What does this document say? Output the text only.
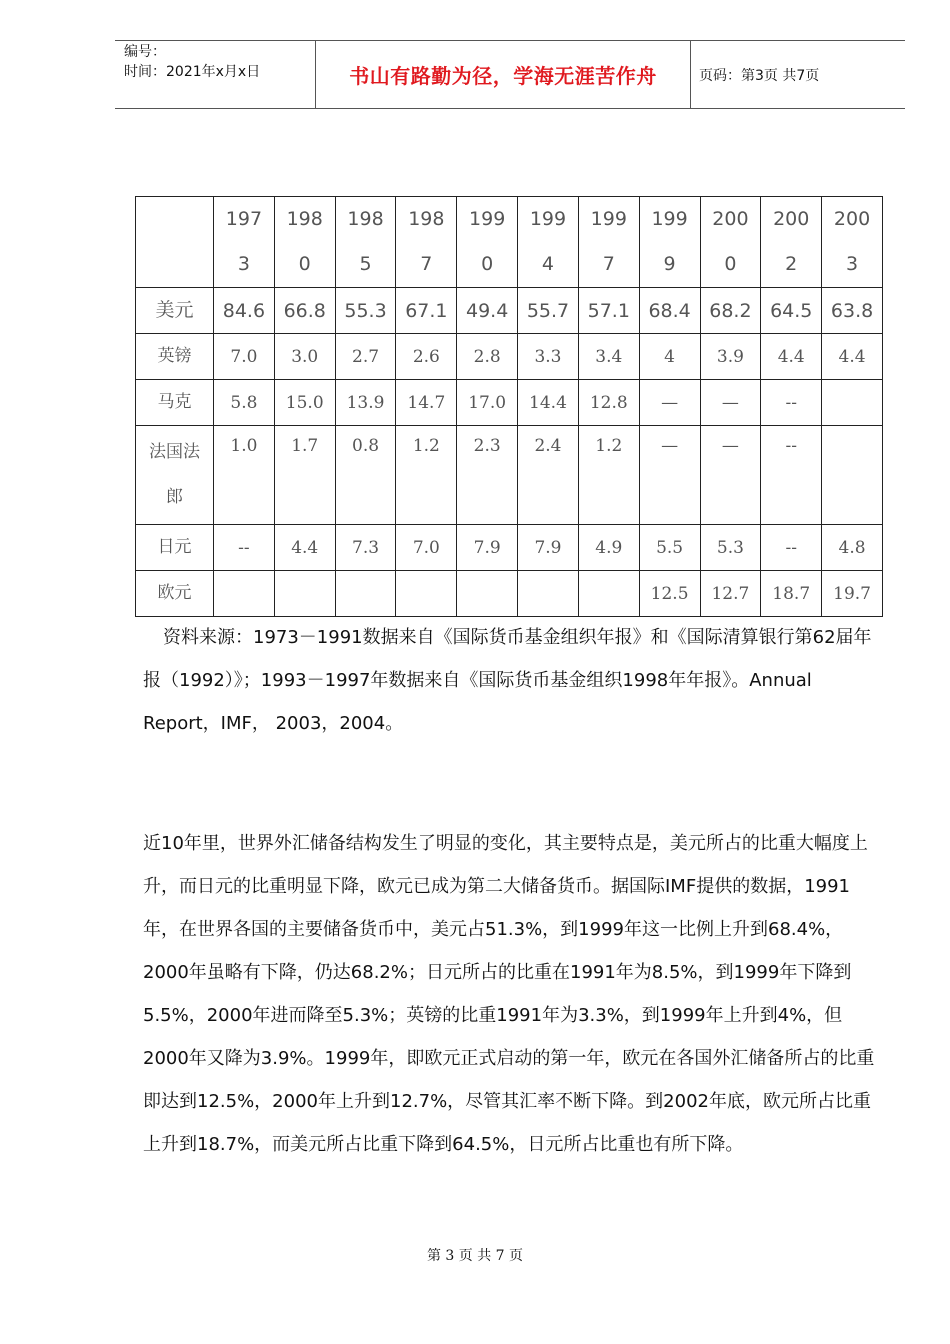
编号：
时间：2021年x月x日	书山有路勤为径，学海无涯苦作舟	页码：第3页 共7页

	1973	1980	1985	1987	1990	1994	1997	1999	2000	2002	2003

美元	84.6	66.8	55.3	67.1	49.4	55.7	57.1	68.4	68.2	64.5	63.8
英镑	7.0	3.0	2.7	2.6	2.8	3.3	3.4	4	3.9	4.4	4.4
马克	5.8	15.0	13.9	14.7	17.0	14.4	12.8	—	—	--	

法国法郎	1.0	1.7	0.8	1.2	2.3	2.4	1.2	—	—	--	
日元	--	4.4	7.3	7.0	7.9	7.9	4.9	5.5	5.3	--	4.8
欧元								12.5	12.7	18.7	19.7

资料来源：1973－1991数据来自《国际货币基金组织年报》和《国际清算银行第62届年报（1992）》；1993－1997年数据来自《国际货币基金组织1998年年报》。Annual Report，IMF， 2003，2004。

近10年里，世界外汇储备结构发生了明显的变化，其主要特点是，美元所占的比重大幅度上升，而日元的比重明显下降，欧元已成为第二大储备货币。据国际IMF提供的数据，1991年，在世界各国的主要储备货币中，美元占51.3%，到1999年这一比例上升到68.4%，2000年虽略有下降，仍达68.2%；日元所占的比重在1991年为8.5%，到1999年下降到5.5%，2000年进而降至5.3%；英镑的比重1991年为3.3%，到1999年上升到4%，但2000年又降为3.9%。1999年，即欧元正式启动的第一年，欧元在各国外汇储备所占的比重即达到12.5%，2000年上升到12.7%，尽管其汇率不断下降。到2002年底，欧元所占比重上升到18.7%，而美元所占比重下降到64.5%，日元所占比重也有所下降。

第 3 页 共 7 页
